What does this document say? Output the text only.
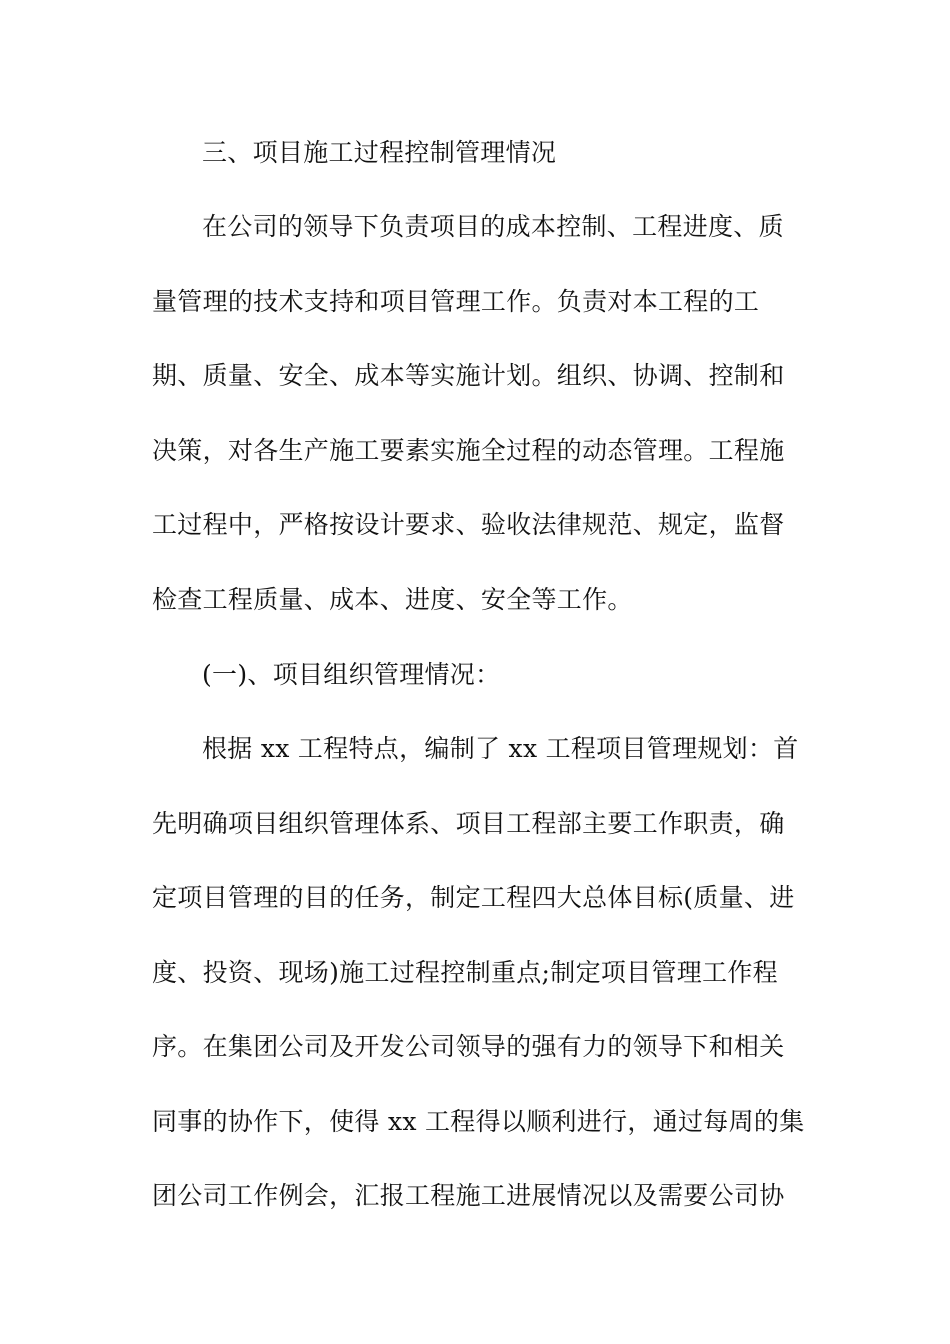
三、项目施工过程控制管理情况
在公司的领导下负责项目的成本控制、工程进度、质
量管理的技术支持和项目管理工作。负责对本工程的工
期、质量、安全、成本等实施计划。组织、协调、控制和
决策，对各生产施工要素实施全过程的动态管理。工程施
工过程中，严格按设计要求、验收法律规范、规定，监督
检查工程质量、成本、进度、安全等工作。
(一)、项目组织管理情况：
根据 xx 工程特点，编制了 xx 工程项目管理规划：首
先明确项目组织管理体系、项目工程部主要工作职责，确
定项目管理的目的任务，制定工程四大总体目标(质量、进
度、投资、现场)施工过程控制重点;制定项目管理工作程
序。在集团公司及开发公司领导的强有力的领导下和相关
同事的协作下，使得 xx 工程得以顺利进行，通过每周的集
团公司工作例会，汇报工程施工进展情况以及需要公司协
